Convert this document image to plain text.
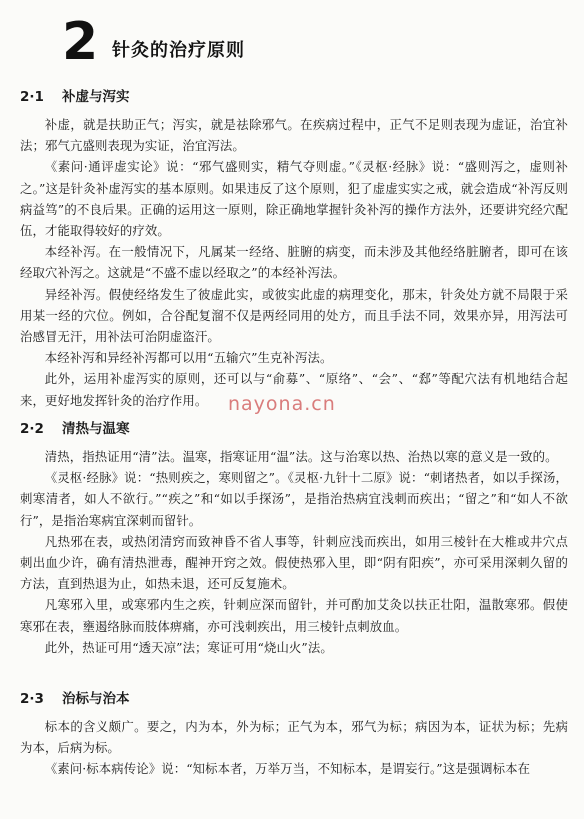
2 针灸的治疗原则
2·1 补虚与泻实

补虚，就是扶助正气；泻实，就是祛除邪气。在疾病过程中，正气不足则表现为虚证，治宜补法；邪气亢盛则表现为实证，治宜泻法。

《素问·通评虚实论》说：“邪气盛则实，精气夺则虚。”《灵枢·经脉》说：“盛则泻之，虚则补之。”这是针灸补虚泻实的基本原则。如果违反了这个原则，犯了虚虚实实之戒，就会造成“补泻反则病益笃”的不良后果。正确的运用这一原则，除正确地掌握针灸补泻的操作方法外，还要讲究经穴配伍，才能取得较好的疗效。

本经补泻。在一般情况下，凡属某一经络、脏腑的病变，而未涉及其他经络脏腑者，即可在该经取穴补泻之。这就是“不盛不虚以经取之”的本经补泻法。

异经补泻。假使经络发生了彼虚此实，或彼实此虚的病理变化，那末，针灸处方就不局限于采用某一经的穴位。例如，合谷配复溜不仅是两经同用的处方，而且手法不同，效果亦异，用泻法可治感冒无汗，用补法可治阴虚盗汗。

本经补泻和异经补泻都可以用“五输穴”生克补泻法。

此外，运用补虚泻实的原则，还可以与“俞募”、“原络”、“会”、“郄”等配穴法有机地结合起来，更好地发挥针灸的治疗作用。	nayona.cn
2·2 清热与温寒

清热，指热证用“清”法。温寒，指寒证用“温”法。这与治寒以热、治热以寒的意义是一致的。

《灵枢·经脉》说：“热则疾之，寒则留之”。《灵枢·九针十二原》说：“刺诸热者，如以手探汤，刺寒清者，如人不欲行。”“疾之”和“如以手探汤”，是指治热病宜浅刺而疾出；“留之”和“如人不欲行”，是指治寒病宜深刺而留针。

凡热邪在表，或热闭清窍而致神昏不省人事等，针刺应浅而疾出，如用三棱针在大椎或井穴点刺出血少许，确有清热泄毒，醒神开窍之效。假使热邪入里，即“阴有阳疾”，亦可采用深刺久留的方法，直到热退为止，如热未退，还可反复施术。

凡寒邪入里，或寒邪内生之疾，针刺应深而留针，并可酌加艾灸以扶正壮阳，温散寒邪。假使寒邪在表，壅遏络脉而肢体痹痛，亦可浅刺疾出，用三棱针点刺放血。

此外，热证可用“透天凉”法；寒证可用“烧山火”法。

2·3 治标与治本

标本的含义颇广。要之，内为本，外为标；正气为本，邪气为标；病因为本，证状为标；先病为本，后病为标。

《素问·标本病传论》说：“知标本者，万举万当，不知标本，是谓妄行。”这是强调标本在
